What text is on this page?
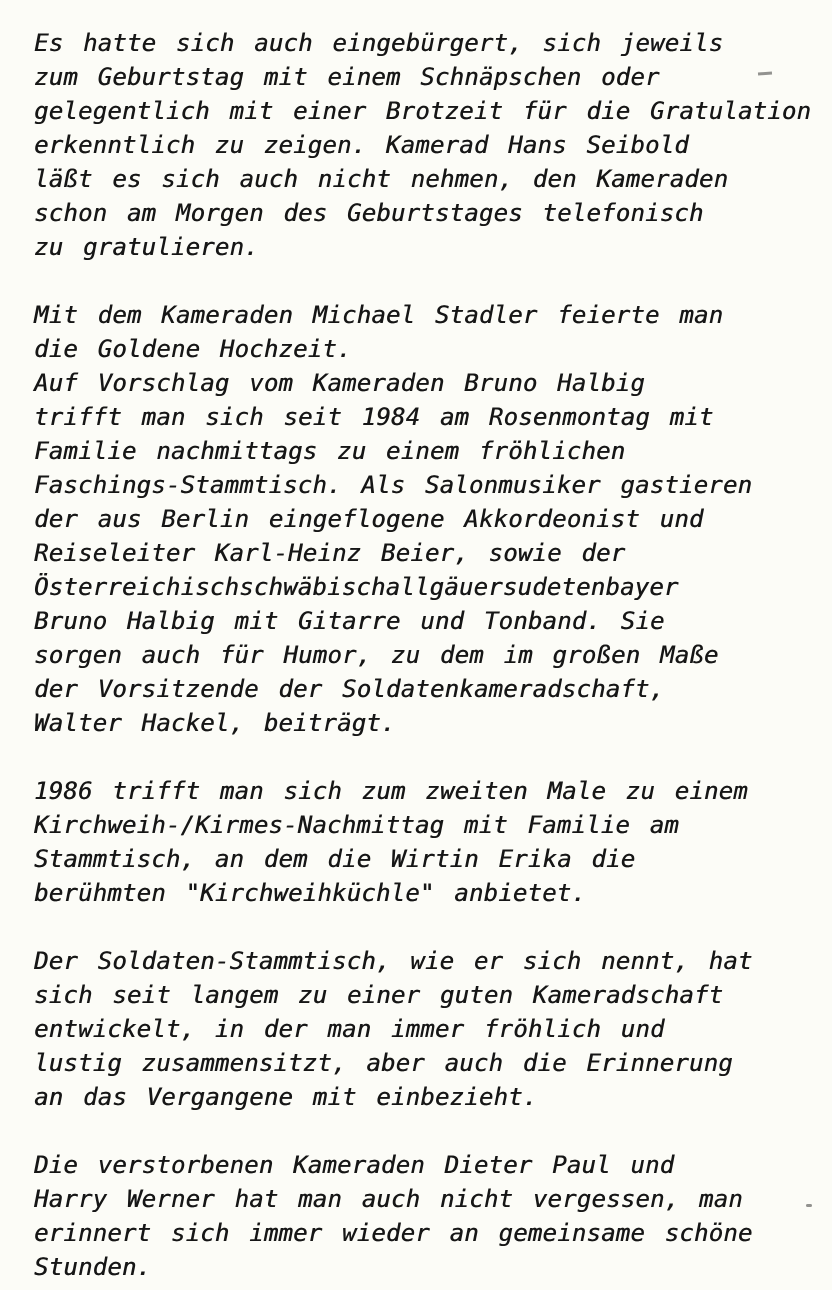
Es hatte sich auch eingebürgert, sich jeweils
zum Geburtstag mit einem Schnäpschen oder
gelegentlich mit einer Brotzeit für die Gratulation
erkenntlich zu zeigen. Kamerad Hans Seibold
läßt es sich auch nicht nehmen, den Kameraden
schon am Morgen des Geburtstages telefonisch
zu gratulieren.
Mit dem Kameraden Michael Stadler feierte man
die Goldene Hochzeit.
Auf Vorschlag vom Kameraden Bruno Halbig
trifft man sich seit 1984 am Rosenmontag mit
Familie nachmittags zu einem fröhlichen
Faschings-Stammtisch. Als Salonmusiker gastieren
der aus Berlin eingeflogene Akkordeonist und
Reiseleiter Karl-Heinz Beier, sowie der
Österreichischschwäbischallgäuersudetenbayer
Bruno Halbig mit Gitarre und Tonband. Sie
sorgen auch für Humor, zu dem im großen Maße
der Vorsitzende der Soldatenkameradschaft,
Walter Hackel, beiträgt.
1986 trifft man sich zum zweiten Male zu einem
Kirchweih-/Kirmes-Nachmittag mit Familie am
Stammtisch, an dem die Wirtin Erika die
berühmten "Kirchweihküchle" anbietet.
Der Soldaten-Stammtisch, wie er sich nennt, hat
sich seit langem zu einer guten Kameradschaft
entwickelt, in der man immer fröhlich und
lustig zusammensitzt, aber auch die Erinnerung
an das Vergangene mit einbezieht.
Die verstorbenen Kameraden Dieter Paul und
Harry Werner hat man auch nicht vergessen, man
erinnert sich immer wieder an gemeinsame schöne
Stunden.
